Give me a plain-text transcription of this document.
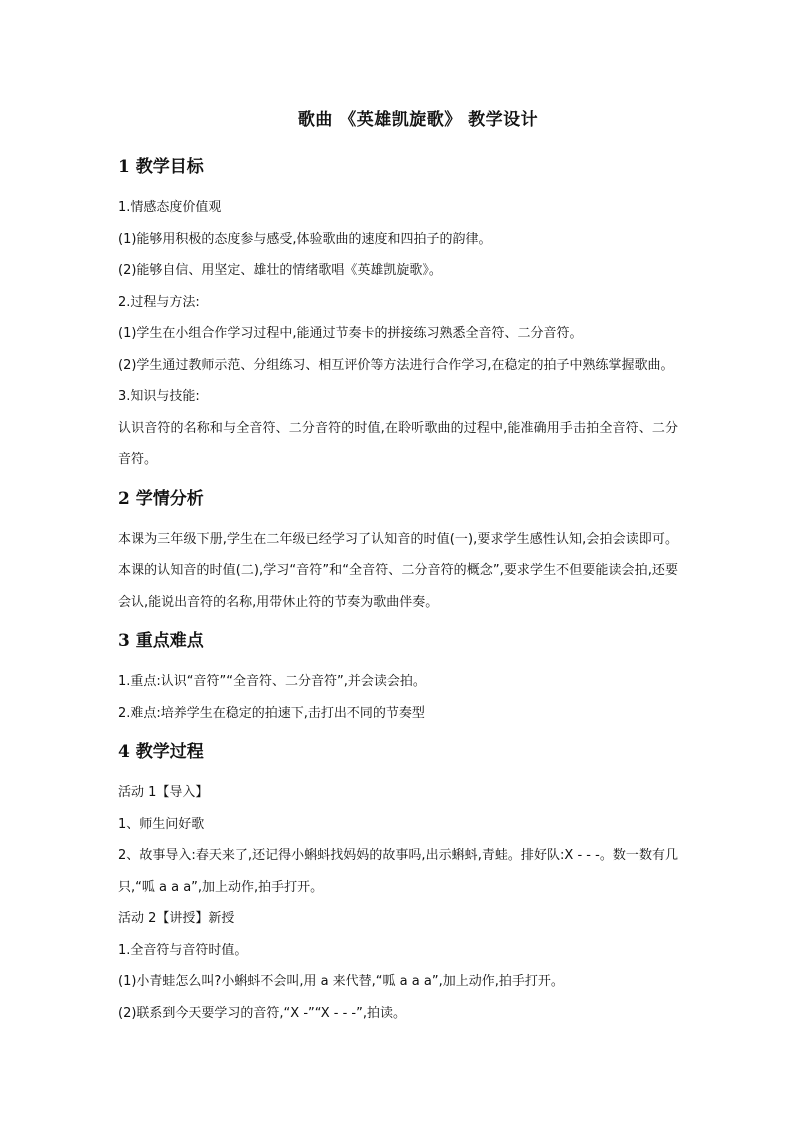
歌曲 《英雄凯旋歌》 教学设计
1 教学目标

1.情感态度价值观

(1)能够用积极的态度参与感受,体验歌曲的速度和四拍子的韵律。

(2)能够自信、用坚定、雄壮的情绪歌唱《英雄凯旋歌》。

2.过程与方法:

(1)学生在小组合作学习过程中,能通过节奏卡的拼接练习熟悉全音符、二分音符。

(2)学生通过教师示范、分组练习、相互评价等方法进行合作学习,在稳定的拍子中熟练掌握歌曲。

3.知识与技能:

认识音符的名称和与全音符、二分音符的时值,在聆听歌曲的过程中,能准确用手击拍全音符、二分音符。

2 学情分析

本课为三年级下册,学生在二年级已经学习了认知音的时值(一),要求学生感性认知,会拍会读即可。本课的认知音的时值(二),学习“音符”和“全音符、二分音符的概念”,要求学生不但要能读会拍,还要会认,能说出音符的名称,用带休止符的节奏为歌曲伴奏。

3 重点难点

1.重点:认识“音符”“全音符、二分音符”,并会读会拍。

2.难点:培养学生在稳定的拍速下,击打出不同的节奏型

4 教学过程

活动 1【导入】

1、师生问好歌

2、故事导入:春天来了,还记得小蝌蚪找妈妈的故事吗,出示蝌蚪,青蛙。排好队:X - - -。数一数有几只,“呱 a a a”,加上动作,拍手打开。

活动 2【讲授】新授

1.全音符与音符时值。

(1)小青蛙怎么叫?小蝌蚪不会叫,用 a 来代替,“呱 a a a”,加上动作,拍手打开。

(2)联系到今天要学习的音符,“X -”“X - - -”,拍读。
